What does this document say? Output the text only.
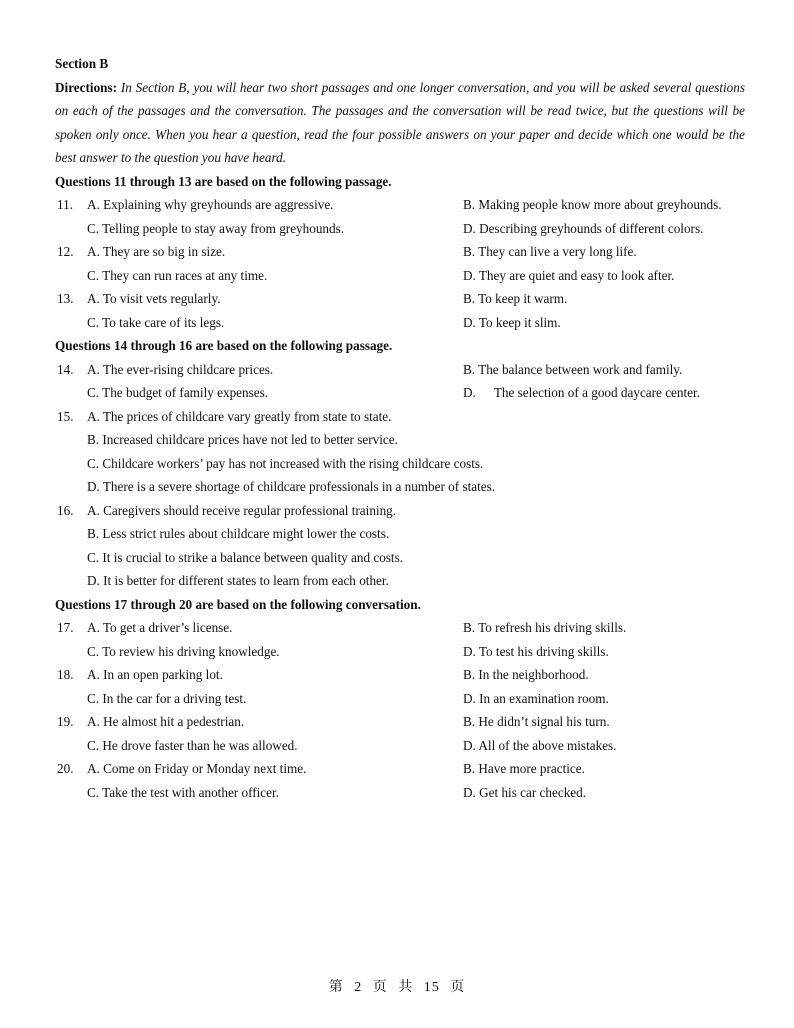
Section B
Directions: In Section B, you will hear two short passages and one longer conversation, and you will be asked several questions on each of the passages and the conversation. The passages and the conversation will be read twice, but the questions will be spoken only once. When you hear a question, read the four possible answers on your paper and decide which one would be the best answer to the question you have heard.
Questions 11 through 13 are based on the following passage.
11. A. Explaining why greyhounds are aggressive.	B. Making people know more about greyhounds.
C. Telling people to stay away from greyhounds.	D. Describing greyhounds of different colors.
12. A. They are so big in size.	B. They can live a very long life.
C. They can run races at any time.	D. They are quiet and easy to look after.
13. A. To visit vets regularly.	B. To keep it warm.
C. To take care of its legs.	D. To keep it slim.
Questions 14 through 16 are based on the following passage.
14. A. The ever-rising childcare prices.	B. The balance between work and family.
C. The budget of family expenses.	D. The selection of a good daycare center.
15. A. The prices of childcare vary greatly from state to state.
B. Increased childcare prices have not led to better service.
C. Childcare workers’ pay has not increased with the rising childcare costs.
D. There is a severe shortage of childcare professionals in a number of states.
16. A. Caregivers should receive regular professional training.
B. Less strict rules about childcare might lower the costs.
C. It is crucial to strike a balance between quality and costs.
D. It is better for different states to learn from each other.
Questions 17 through 20 are based on the following conversation.
17. A. To get a driver’s license.	B. To refresh his driving skills.
C. To review his driving knowledge.	D. To test his driving skills.
18. A. In an open parking lot.	B. In the neighborhood.
C. In the car for a driving test.	D. In an examination room.
19. A. He almost hit a pedestrian.	B. He didn’t signal his turn.
C. He drove faster than he was allowed.	D. All of the above mistakes.
20. A. Come on Friday or Monday next time.	B. Have more practice.
C. Take the test with another officer.	D. Get his car checked.
第 2 页 共 15 页
